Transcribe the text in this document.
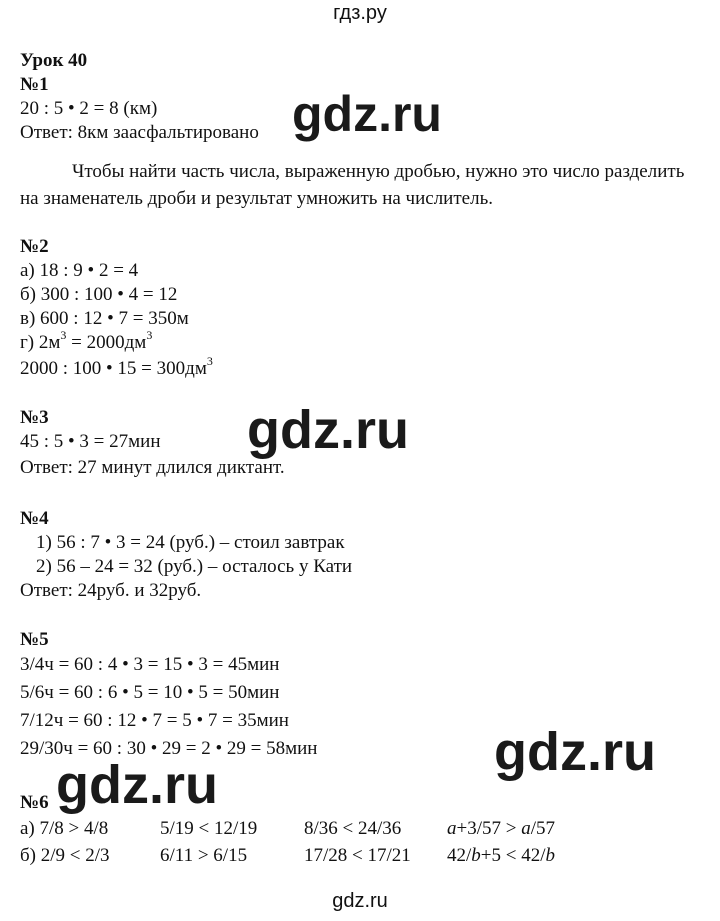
гдз.ру
gdz.ru
Урок 40
№1
20 : 5 • 2 = 8 (км)
Ответ: 8км заасфальтировано gdz.ru
Чтобы найти часть числа, выраженную дробью, нужно это число разделить на знаменатель дроби и результат умножить на числитель.
№2
а) 18 : 9 • 2 = 4
б) 300 : 100 • 4 = 12
в) 600 : 12 • 7 = 350м
г) $2м^3 = 2000дм^3$
2000 : 100 • $15 = 300дм^3$
№3
45 : 5 • 3 = 27мин
Ответ: 27 минут длился диктант.
gdz.ru
№4
1) 56 : 7 • 3 = 24 (руб.) – стоил завтрак
2) 56 – 24 = 32 (руб.) – осталось у Кати
Ответ: 24руб. и 32руб.
№5
3/4ч = 60 : 4 • 3 = 15 • 3 = 45мин
5/6ч = 60 : 6 • 5 = 10 • 5 = 50мин
7/12ч = 60 : 12 • 7 = 5 • 7 = 35мин
29/30ч = 60 : 30 • 29 = 2 • 29 = 58мин	gdz.ru
№6 gdz.ru
а) 7/8 > 4/8	5/19 < 12/19 8/36 < 24/36 a+3/57 > a/57
б) 2/9 < 2/3	6/11 > 6/15	17/28 < 17/21 42/b+5 < 42/b
